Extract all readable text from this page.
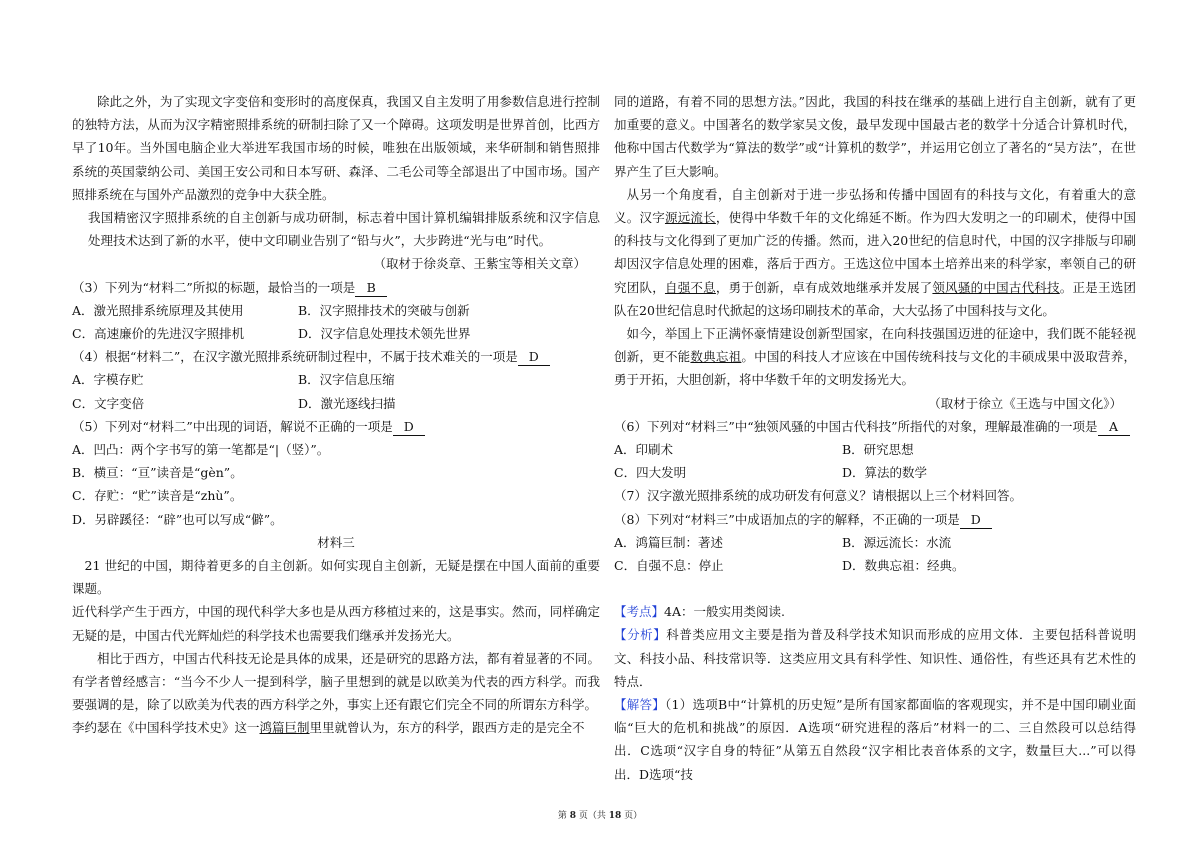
除此之外，为了实现文字变倍和变形时的高度保真，我国又自主发明了用参数信息进行控制的独特方法，从而为汉字精密照排系统的研制扫除了又一个障碍。这项发明是世界首创，比西方早了10年。当外国电脑企业大举进军我国市场的时候，唯独在出版领域，来华研制和销售照排系统的英国蒙纳公司、美国王安公司和日本写研、森泽、二毛公司等全部退出了中国市场。国产照排系统在与国外产品激烈的竞争中大获全胜。

我国精密汉字照排系统的自主创新与成功研制，标志着中国计算机编辑排版系统和汉字信息处理技术达到了新的水平，使中文印刷业告别了“铅与火”，大步跨进“光与电”时代。

（取材于徐炎章、王紫宝等相关文章）

（3）下列为“材料二”所拟的标题，最恰当的一项是 B

A．激光照排系统原理及其使用	B．汉字照排技术的突破与创新
C．高速廉价的先进汉字照排机	D．汉字信息处理技术领先世界

（4）根据“材料二”，在汉字激光照排系统研制过程中，不属于技术难关的一项是 D

A．字模存贮	B．汉字信息压缩
C．文字变倍	D．激光逐线扫描

（5）下列对“材料二”中出现的词语，解说不正确的一项是 D

A．凹凸：两个字书写的第一笔都是“|（竖）”。

B．横亘：“亘”读音是“gèn”。

C．存贮：“贮”读音是“zhù”。

D．另辟蹊径：“辟”也可以写成“僻”。

材料三

21 世纪的中国，期待着更多的自主创新。如何实现自主创新，无疑是摆在中国人面前的重要课题。

近代科学产生于西方，中国的现代科学大多也是从西方移植过来的，这是事实。然而，同样确定无疑的是，中国古代光辉灿烂的科学技术也需要我们继承并发扬光大。

相比于西方，中国古代科技无论是具体的成果，还是研究的思路方法，都有着显著的不同。有学者曾经感言：“当今不少人一提到科学，脑子里想到的就是以欧美为代表的西方科学。而我要强调的是，除了以欧美为代表的西方科学之外，事实上还有跟它们完全不同的所谓东方科学。

李约瑟在《中国科学技术史》这一鸿篇巨制里里就曾认为，东方的科学，跟西方走的是完全不

同的道路，有着不同的思想方法。”因此，我国的科技在继承的基础上进行自主创新，就有了更加重要的意义。中国著名的数学家吴文俊，最早发现中国最古老的数学十分适合计算机时代，他称中国古代数学为“算法的数学”或“计算机的数学”，并运用它创立了著名的“吴方法”，在世界产生了巨大影响。

从另一个角度看，自主创新对于进一步弘扬和传播中国固有的科技与文化，有着重大的意义。汉字源远流长，使得中华数千年的文化绵延不断。作为四大发明之一的印刷术，使得中国的科技与文化得到了更加广泛的传播。然而，进入20世纪的信息时代，中国的汉字排版与印刷却因汉字信息处理的困难，落后于西方。王选这位中国本土培养出来的科学家，率领自己的研究团队，自强不息，勇于创新，卓有成效地继承并发展了领风骚的中国古代科技。正是王选团队在20世纪信息时代掀起的这场印刷技术的革命，大大弘扬了中国科技与文化。

如今，举国上下正满怀豪情建设创新型国家，在向科技强国迈进的征途中，我们既不能轻视创新，更不能数典忘祖。中国的科技人才应该在中国传统科技与文化的丰硕成果中汲取营养，勇于开拓，大胆创新，将中华数千年的文明发扬光大。

（取材于徐立《王选与中国文化》）

（6）下列对“材料三”中“独领风骚的中国古代科技”所指代的对象，理解最准确的一项是 A

A．印刷术	B．研究思想
C．四大发明	D．算法的数学

（7）汉字激光照排系统的成功研发有何意义？请根据以上三个材料回答。

（8）下列对“材料三”中成语加点的字的解释，不正确的一项是 D

A．鸿篇巨制：著述	B．源远流长：水流
C．自强不息：停止	D．数典忘祖：经典。

【考点】4A：一般实用类阅读.

【分析】科普类应用文主要是指为普及科学技术知识而形成的应用文体．主要包括科普说明文、科技小品、科技常识等．这类应用文具有科学性、知识性、通俗性，有些还具有艺术性的特点．

【解答】（1）选项B中“计算机的历史短”是所有国家都面临的客观现实，并不是中国印刷业面临“巨大的危机和挑战”的原因．A选项“研究进程的落后”材料一的二、三自然段可以总结得出．C选项“汉字自身的特征”从第五自然段“汉字相比表音体系的文字，数量巨大...”可以得出．D选项“技

第 8 页（共 18 页）
